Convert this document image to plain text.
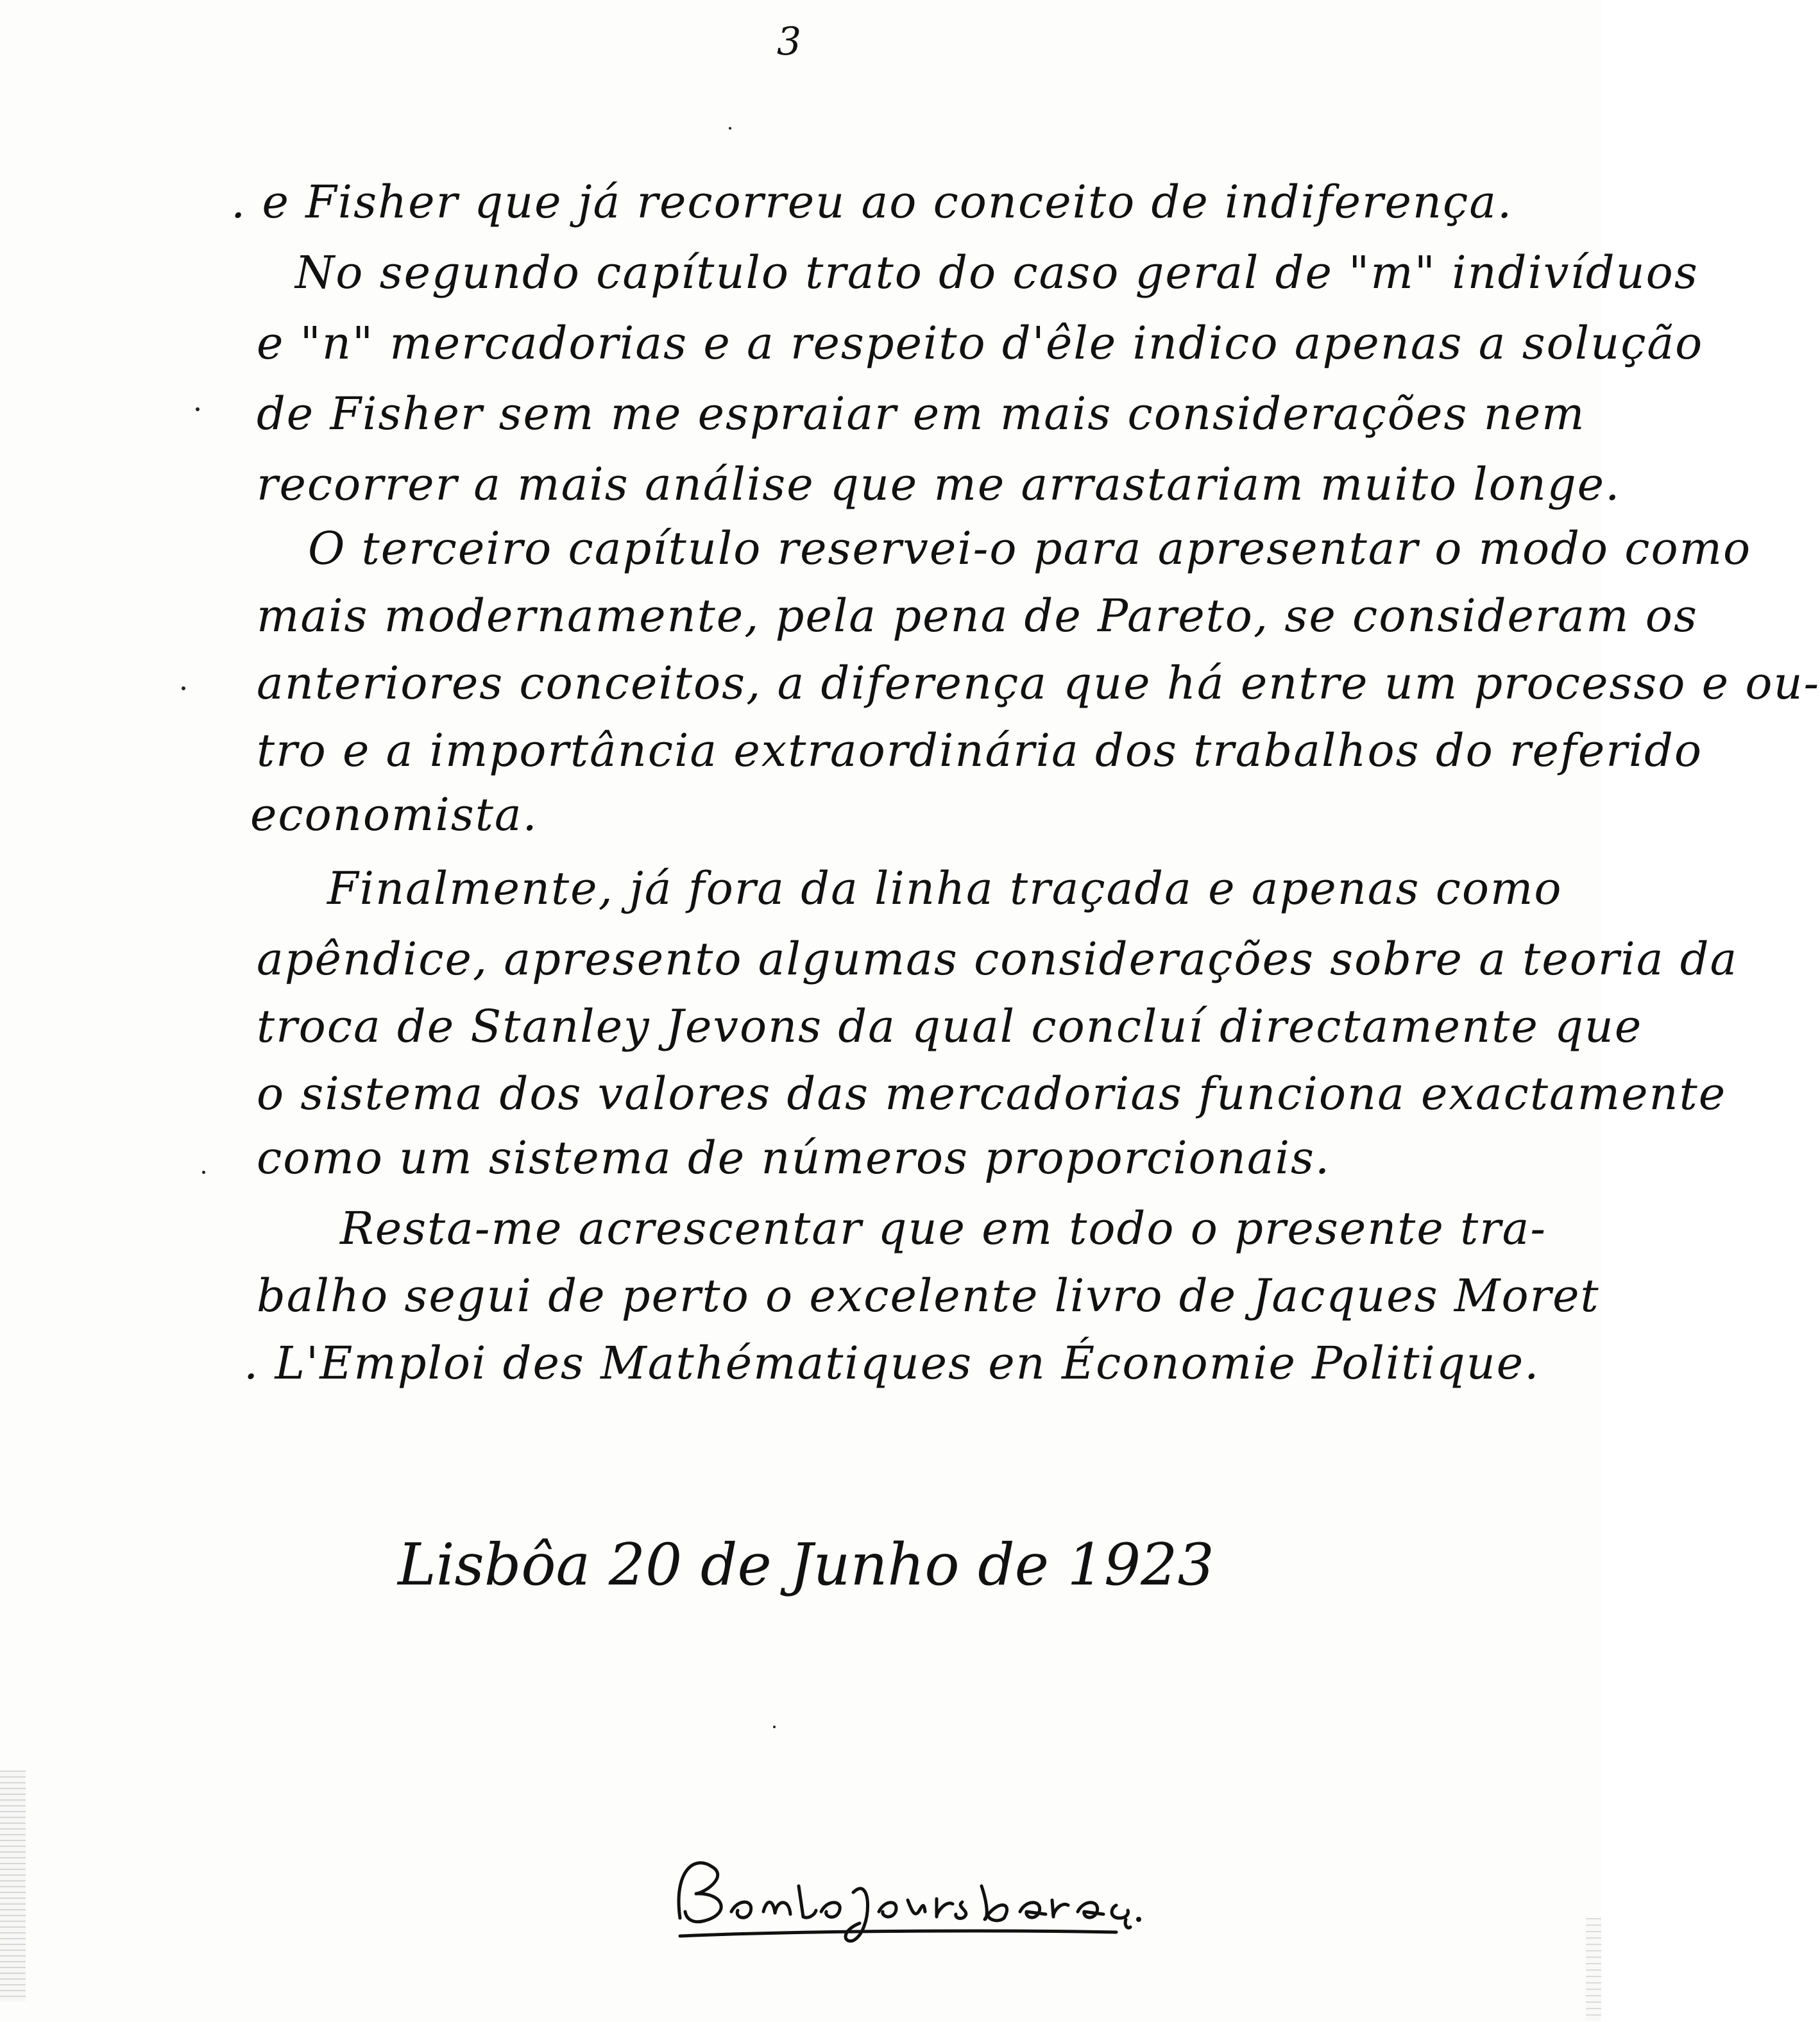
3
. e Fisher que já recorreu ao conceito de indiferença.
No segundo capítulo trato do caso geral de "m" indivíduos
e "n" mercadorias e a respeito d'êle indico apenas a solução
de Fisher sem me espraiar em mais considerações nem
recorrer a mais análise que me arrastariam muito longe.
O terceiro capítulo reservei-o para apresentar o modo como
mais modernamente, pela pena de Pareto, se consideram os
anteriores conceitos, a diferença que há entre um processo e ou-
tro e a importância extraordinária dos trabalhos do referido
economista.
Finalmente, já fora da linha traçada e apenas como
apêndice, apresento algumas considerações sobre a teoria da
troca de Stanley Jevons da qual concluí directamente que
o sistema dos valores das mercadorias funciona exactamente
como um sistema de números proporcionais.
Resta-me acrescentar que em todo o presente tra-
balho segui de perto o excelente livro de Jacques Moret
. L'Emploi des Mathématiques en Économie Politique.
Lisbôa 20 de Junho de 1923
